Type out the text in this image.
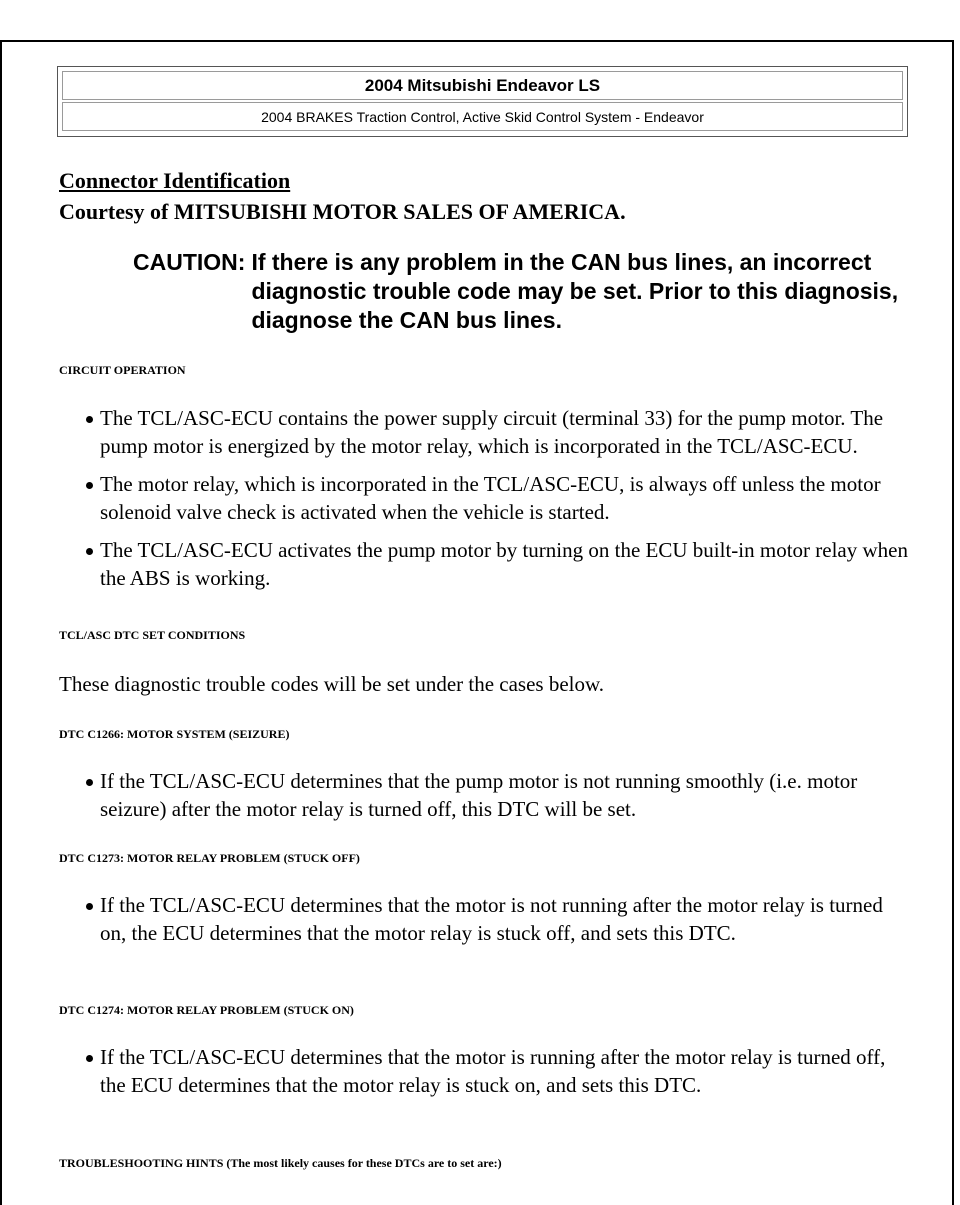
2004 Mitsubishi Endeavor LS
2004 BRAKES Traction Control, Active Skid Control System - Endeavor
Connector Identification
Courtesy of MITSUBISHI MOTOR SALES OF AMERICA.
CAUTION: If there is any problem in the CAN bus lines, an incorrect diagnostic trouble code may be set. Prior to this diagnosis, diagnose the CAN bus lines.
CIRCUIT OPERATION
The TCL/ASC-ECU contains the power supply circuit (terminal 33) for the pump motor. The pump motor is energized by the motor relay, which is incorporated in the TCL/ASC-ECU.
The motor relay, which is incorporated in the TCL/ASC-ECU, is always off unless the motor solenoid valve check is activated when the vehicle is started.
The TCL/ASC-ECU activates the pump motor by turning on the ECU built-in motor relay when the ABS is working.
TCL/ASC DTC SET CONDITIONS
These diagnostic trouble codes will be set under the cases below.
DTC C1266: MOTOR SYSTEM (SEIZURE)
If the TCL/ASC-ECU determines that the pump motor is not running smoothly (i.e. motor seizure) after the motor relay is turned off, this DTC will be set.
DTC C1273: MOTOR RELAY PROBLEM (STUCK OFF)
If the TCL/ASC-ECU determines that the motor is not running after the motor relay is turned on, the ECU determines that the motor relay is stuck off, and sets this DTC.
DTC C1274: MOTOR RELAY PROBLEM (STUCK ON)
If the TCL/ASC-ECU determines that the motor is running after the motor relay is turned off, the ECU determines that the motor relay is stuck on, and sets this DTC.
TROUBLESHOOTING HINTS (The most likely causes for these DTCs are to set are:)
